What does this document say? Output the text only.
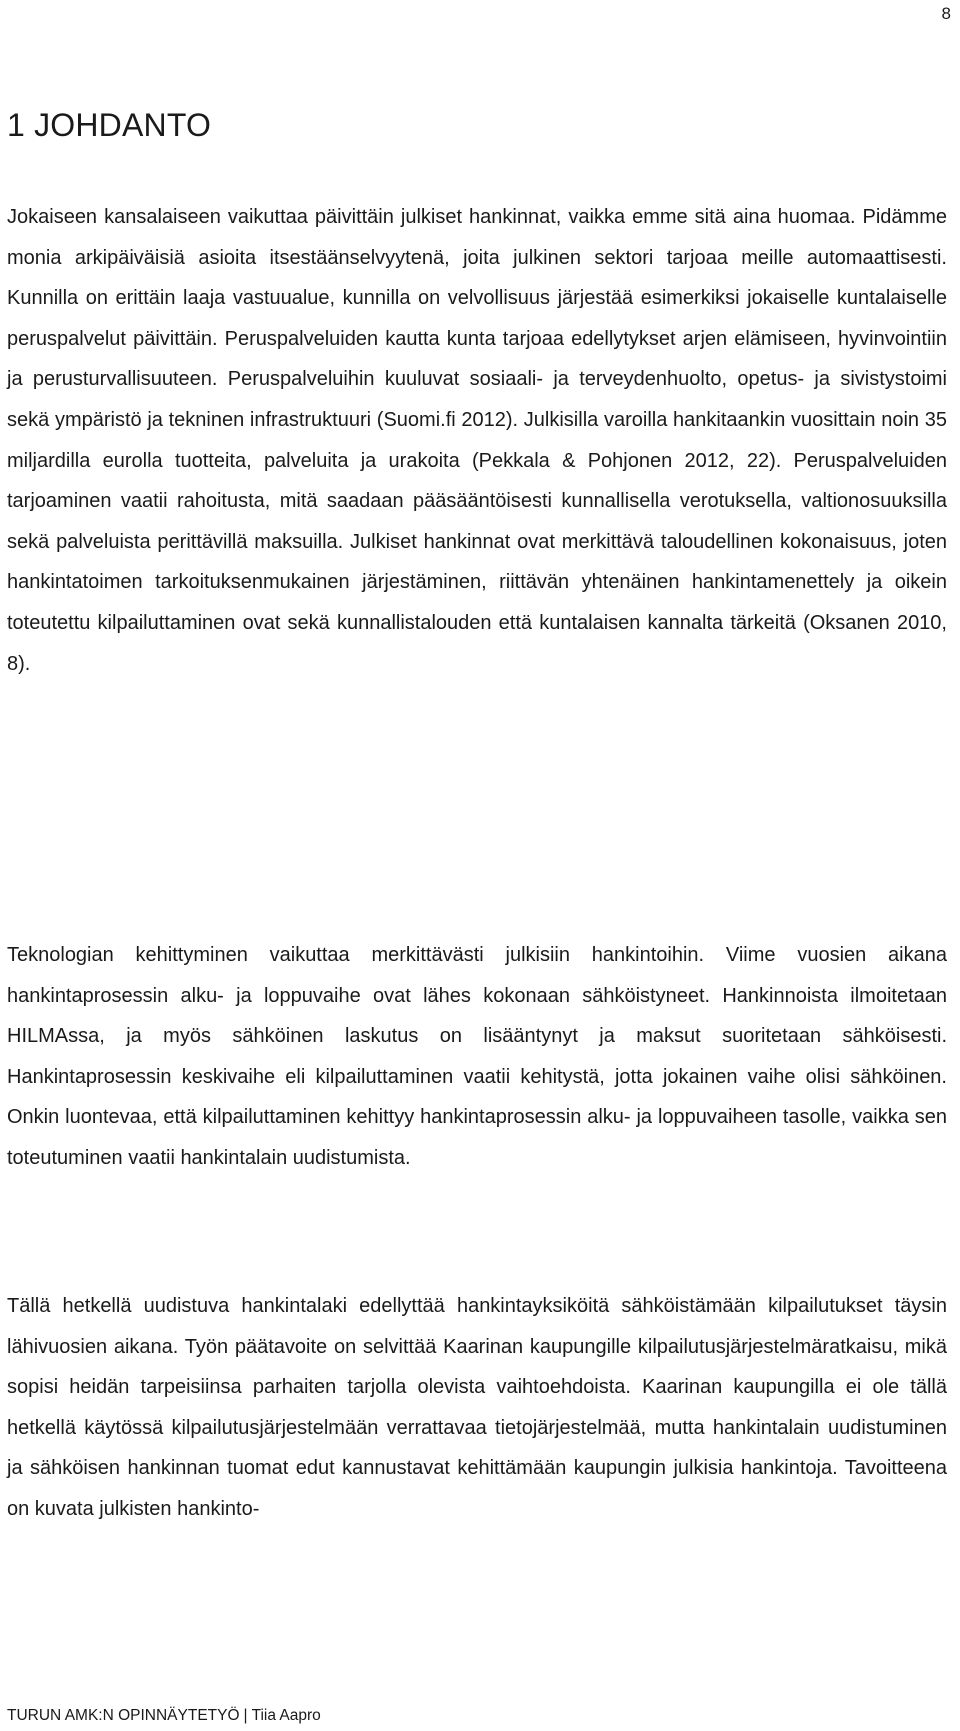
8
1 JOHDANTO

Jokaiseen kansalaiseen vaikuttaa päivittäin julkiset hankinnat, vaikka emme sitä aina huomaa. Pidämme monia arkipäiväisiä asioita itsestäänselvyytenä, joita julkinen sektori tarjoaa meille automaattisesti. Kunnilla on erittäin laaja vastuualue, kunnilla on velvollisuus järjestää esimerkiksi jokaiselle kuntalaiselle peruspalvelut päivittäin. Peruspalveluiden kautta kunta tarjoaa edellytykset arjen elämiseen, hyvinvointiin ja perusturvallisuuteen. Peruspalveluihin kuuluvat sosiaali- ja terveydenhuolto, opetus- ja sivistystoimi sekä ympäristö ja tekninen infrastruktuuri (Suomi.fi 2012). Julkisilla varoilla hankitaankin vuosittain noin 35 miljardilla eurolla tuotteita, palveluita ja urakoita (Pekkala & Pohjonen 2012, 22). Peruspalveluiden tarjoaminen vaatii rahoitusta, mitä saadaan pääsääntöisesti kunnallisella verotuksella, valtionosuuksilla sekä palveluista perittävillä maksuilla. Julkiset hankinnat ovat merkittävä taloudellinen kokonaisuus, joten hankintatoimen tarkoituksenmukainen järjestäminen, riittävän yhtenäinen hankintamenettely ja oikein toteutettu kilpailuttaminen ovat sekä kunnallistalouden että kuntalaisen kannalta tärkeitä (Oksanen 2010, 8).

Teknologian kehittyminen vaikuttaa merkittävästi julkisiin hankintoihin. Viime vuosien aikana hankintaprosessin alku- ja loppuvaihe ovat lähes kokonaan sähköistyneet. Hankinnoista ilmoitetaan HILMAssa, ja myös sähköinen laskutus on lisääntynyt ja maksut suoritetaan sähköisesti. Hankintaprosessin keskivaihe eli kilpailuttaminen vaatii kehitystä, jotta jokainen vaihe olisi sähköinen. Onkin luontevaa, että kilpailuttaminen kehittyy hankintaprosessin alku- ja loppuvaiheen tasolle, vaikka sen toteutuminen vaatii hankintalain uudistumista.

Tällä hetkellä uudistuva hankintalaki edellyttää hankintayksiköitä sähköistämään kilpailutukset täysin lähivuosien aikana. Työn päätavoite on selvittää Kaarinan kaupungille kilpailutusjärjestelmäratkaisu, mikä sopisi heidän tarpeisiinsa parhaiten tarjolla olevista vaihtoehdoista. Kaarinan kaupungilla ei ole tällä hetkellä käytössä kilpailutusjärjestelmään verrattavaa tietojärjestelmää, mutta hankintalain uudistuminen ja sähköisen hankinnan tuomat edut kannustavat kehittämään kaupungin julkisia hankintoja. Tavoitteena on kuvata julkisten hankinto-

TURUN AMK:N OPINNÄYTETYÖ | Tiia Aapro
